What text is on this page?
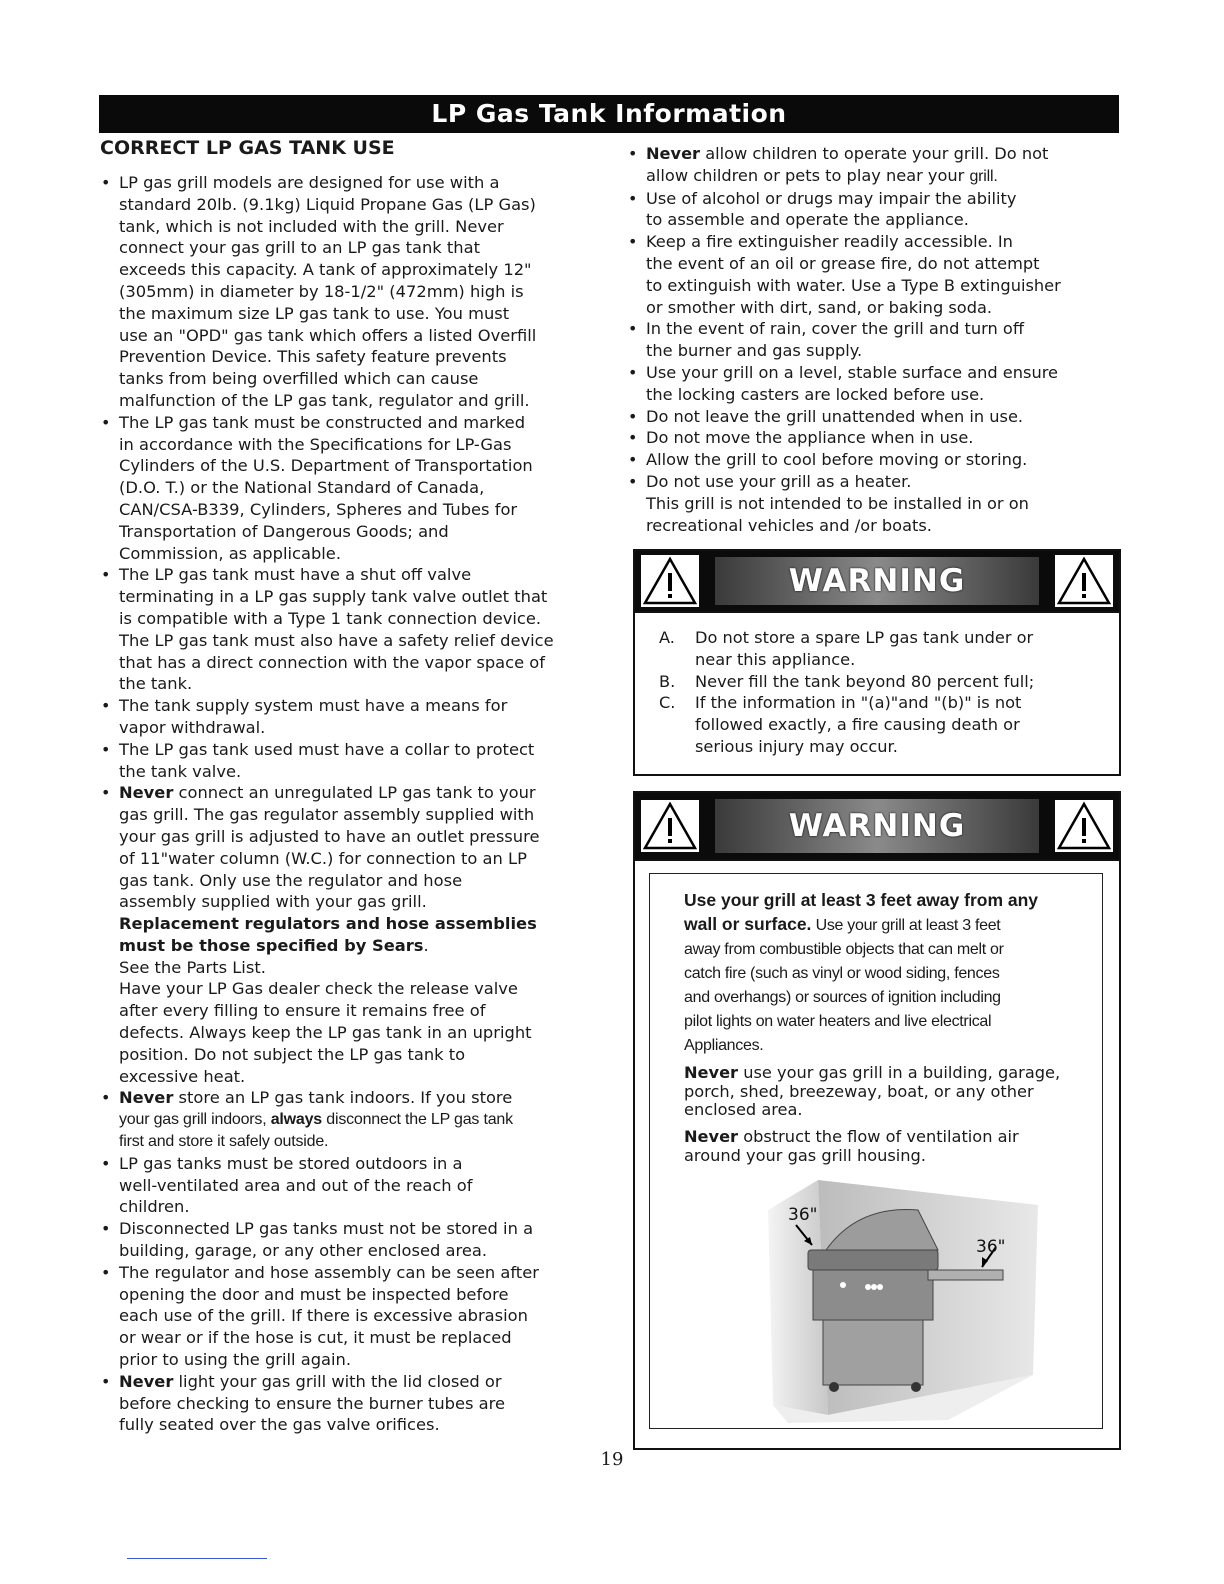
LP Gas Tank Information
CORRECT LP GAS TANK USE
• LP gas grill models are designed for use with a
standard 20lb. (9.1kg) Liquid Propane Gas (LP Gas)
tank, which is not included with the grill. Never
connect your gas grill to an LP gas tank that
exceeds this capacity. A tank of approximately 12"
(305mm) in diameter by 18-1/2" (472mm) high is
the maximum size LP gas tank to use. You must
use an "OPD" gas tank which offers a listed Overfill
Prevention Device. This safety feature prevents
tanks from being overfilled which can cause
malfunction of the LP gas tank, regulator and grill.
• The LP gas tank must be constructed and marked
in accordance with the Specifications for LP-Gas
Cylinders of the U.S. Department of Transportation
(D.O. T.) or the National Standard of Canada,
CAN/CSA-B339, Cylinders, Spheres and Tubes for
Transportation of Dangerous Goods; and
Commission, as applicable.
• The LP gas tank must have a shut off valve
terminating in a LP gas supply tank valve outlet that
is compatible with a Type 1 tank connection device.
The LP gas tank must also have a safety relief device
that has a direct connection with the vapor space of
the tank.
• The tank supply system must have a means for
vapor withdrawal.
• The LP gas tank used must have a collar to protect
the tank valve.
• Never connect an unregulated LP gas tank to your
gas grill. The gas regulator assembly supplied with
your gas grill is adjusted to have an outlet pressure
of 11"water column (W.C.) for connection to an LP
gas tank. Only use the regulator and hose
assembly supplied with your gas grill.
Replacement regulators and hose assemblies
must be those specified by Sears.
See the Parts List.
Have your LP Gas dealer check the release valve
after every filling to ensure it remains free of
defects. Always keep the LP gas tank in an upright
position. Do not subject the LP gas tank to
excessive heat.
• Never store an LP gas tank indoors. If you store
your gas grill indoors, always disconnect the LP gas tank
first and store it safely outside.
• LP gas tanks must be stored outdoors in a
well-ventilated area and out of the reach of
children.
• Disconnected LP gas tanks must not be stored in a
building, garage, or any other enclosed area.
• The regulator and hose assembly can be seen after
opening the door and must be inspected before
each use of the grill. If there is excessive abrasion
or wear or if the hose is cut, it must be replaced
prior to using the grill again.
• Never light your gas grill with the lid closed or
before checking to ensure the burner tubes are
fully seated over the gas valve orifices.
• Never allow children to operate your grill. Do not
allow children or pets to play near your grill.
• Use of alcohol or drugs may impair the ability
to assemble and operate the appliance.
• Keep a fire extinguisher readily accessible. In
the event of an oil or grease fire, do not attempt
to extinguish with water. Use a Type B extinguisher
or smother with dirt, sand, or baking soda.
• In the event of rain, cover the grill and turn off
the burner and gas supply.
• Use your grill on a level, stable surface and ensure
the locking casters are locked before use.
• Do not leave the grill unattended when in use.
• Do not move the appliance when in use.
• Allow the grill to cool before moving or storing.
• Do not use your grill as a heater.
This grill is not intended to be installed in or on
recreational vehicles and /or boats.
WARNING
A.	Do not store a spare LP gas tank under or
near this appliance.
B.	Never fill the tank beyond 80 percent full;
C.	If the information in "(a)"and "(b)" is not
followed exactly, a fire causing death or
serious injury may occur.
WARNING
Use your grill at least 3 feet away from any
wall or surface. Use your grill at least 3 feet
away from combustible objects that can melt or
catch fire (such as vinyl or wood siding, fences
and overhangs) or sources of ignition including
pilot lights on water heaters and live electrical
Appliances.
Never use your gas grill in a building, garage,
porch, shed, breezeway, boat, or any other
enclosed area.
Never obstruct the flow of ventilation air
around your gas grill housing.
36"
36"
19
